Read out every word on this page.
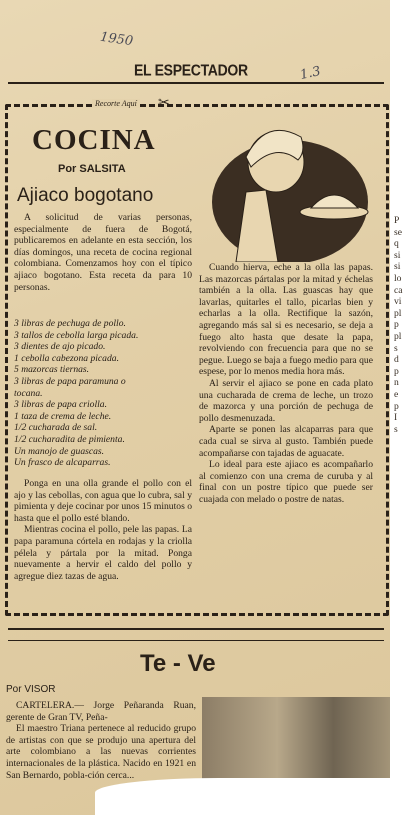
P
se
q
si
si
lo
ca
vi
pl
p
pl
s
d
p
n
e
p
I
s
1950
1.3
EL ESPECTADOR
Recorte Aquí ✂
COCINA
Por SALSITA
Ajiaco bogotano

A solicitud de varias personas, especialmente de fuera de Bogotá, publicaremos en adelante en esta sección, los días domingos, una receta de cocina regional colombiana. Comenzamos hoy con el típico ajiaco bogotano. Esta receta da para 10 personas.

3 libras de pechuga de pollo.
3 tallos de cebolla larga picada.
3 dientes de ajo picado.
1 cebolla cabezona picada.
5 mazorcas tiernas.
3 libras de papa paramuna o
tocana.
3 libras de papa criolla.
1 taza de crema de leche.
1/2 cucharada de sal.
1/2 cucharadita de pimienta.
Un manojo de guascas.
Un frasco de alcaparras.

Ponga en una olla grande el pollo con el ajo y las cebollas, con agua que lo cubra, sal y pimienta y deje cocinar por unos 15 minutos o hasta que el pollo esté blando.

Mientras cocina el pollo, pele las papas. La papa paramuna córtela en rodajas y la criolla pélela y pártala por la mitad. Ponga nuevamente a hervir el caldo del pollo y agregue diez tazas de agua.

Cuando hierva, eche a la olla las papas. Las mazorcas pártalas por la mitad y échelas también a la olla. Las guascas hay que lavarlas, quitarles el tallo, picarlas bien y echarlas a la olla. Rectifique la sazón, agregando más sal si es necesario, se deja a fuego alto hasta que desate la papa, revolviendo con frecuencia para que no se pegue. Luego se baja a fuego medio para que espese, por lo menos media hora más.

Al servir el ajiaco se pone en cada plato una cucharada de crema de leche, un trozo de mazorca y una porción de pechuga de pollo desmenuzada.

Aparte se ponen las alcaparras para que cada cual se sirva al gusto. También puede acompañarse con tajadas de aguacate.

Lo ideal para este ajiaco es acompañarlo al comienzo con una crema de curuba y al final con un postre típico que puede ser cuajada con melado o postre de natas.

Te - Ve
Por VISOR

CARTELERA.— Jorge Peñaranda Ruan, gerente de Gran TV, Peña-

El maestro Triana pertenece al reducido grupo de artistas con que se produjo una apertura del arte colombiano a las nuevas corrientes internacionales de la plástica. Nacido en 1921 en San Bernardo, pobla-ción cerca...
